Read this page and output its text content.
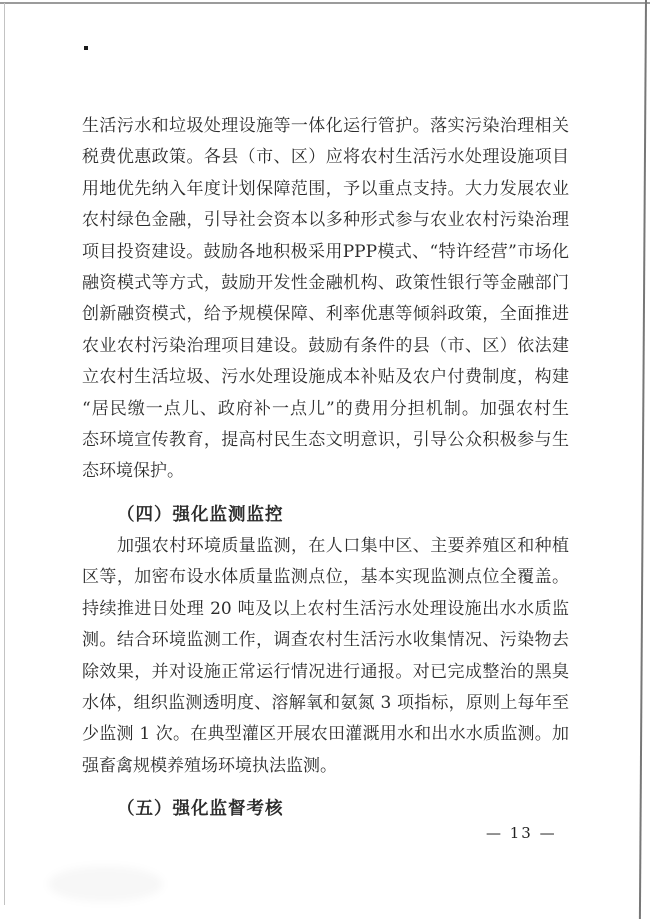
生活污水和垃圾处理设施等一体化运行管护。落实污染治理相关
税费优惠政策。各县（市、区）应将农村生活污水处理设施项目
用地优先纳入年度计划保障范围，予以重点支持。大力发展农业
农村绿色金融，引导社会资本以多种形式参与农业农村污染治理
项目投资建设。鼓励各地积极采用PPP模式、“特许经营”市场化
融资模式等方式，鼓励开发性金融机构、政策性银行等金融部门
创新融资模式，给予规模保障、利率优惠等倾斜政策，全面推进
农业农村污染治理项目建设。鼓励有条件的县（市、区）依法建
立农村生活垃圾、污水处理设施成本补贴及农户付费制度，构建
“居民缴一点儿、政府补一点儿”的费用分担机制。加强农村生
态环境宣传教育，提高村民生态文明意识，引导公众积极参与生
态环境保护。
（四）强化监测监控
加强农村环境质量监测，在人口集中区、主要养殖区和种植
区等，加密布设水体质量监测点位，基本实现监测点位全覆盖。
持续推进日处理 20 吨及以上农村生活污水处理设施出水水质监
测。结合环境监测工作，调查农村生活污水收集情况、污染物去
除效果，并对设施正常运行情况进行通报。对已完成整治的黑臭
水体，组织监测透明度、溶解氧和氨氮 3 项指标，原则上每年至
少监测 1 次。在典型灌区开展农田灌溉用水和出水水质监测。加
强畜禽规模养殖场环境执法监测。
（五）强化监督考核
— 13 —
